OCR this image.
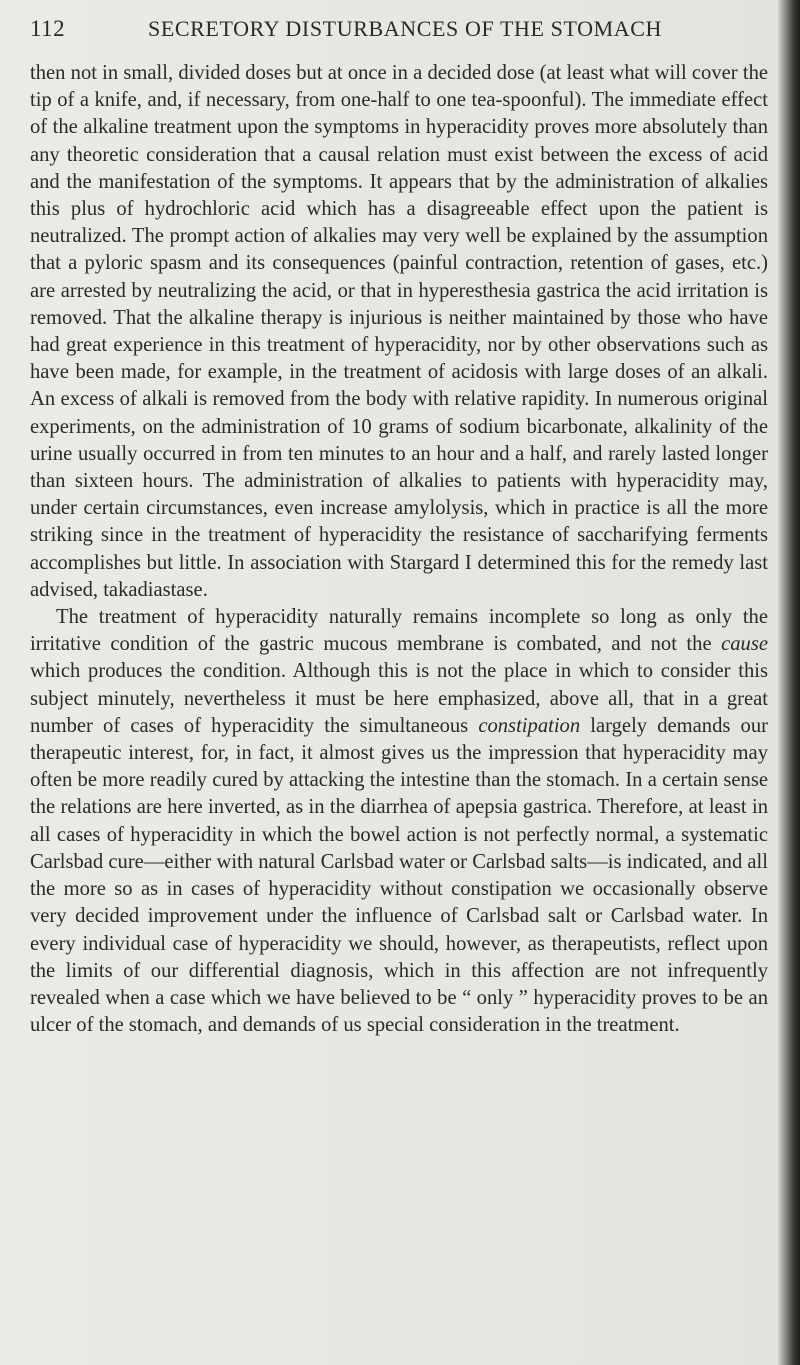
112	SECRETORY DISTURBANCES OF THE STOMACH

then not in small, divided doses but at once in a decided dose (at least what will cover the tip of a knife, and, if necessary, from one-half to one tea-spoonful). The immediate effect of the alkaline treatment upon the symptoms in hyperacidity proves more absolutely than any theoretic consideration that a causal relation must exist between the excess of acid and the manifestation of the symptoms. It appears that by the administration of alkalies this plus of hydrochloric acid which has a disagreeable effect upon the patient is neutralized. The prompt action of alkalies may very well be explained by the assumption that a pyloric spasm and its consequences (painful contraction, retention of gases, etc.) are arrested by neutralizing the acid, or that in hyperesthesia gastrica the acid irritation is removed. That the alkaline therapy is injurious is neither maintained by those who have had great experience in this treatment of hyperacidity, nor by other observations such as have been made, for example, in the treatment of acidosis with large doses of an alkali. An excess of alkali is removed from the body with relative rapidity. In numerous original experiments, on the administration of 10 grams of sodium bicarbonate, alkalinity of the urine usually occurred in from ten minutes to an hour and a half, and rarely lasted longer than sixteen hours. The administration of alkalies to patients with hyperacidity may, under certain circumstances, even increase amylolysis, which in practice is all the more striking since in the treatment of hyperacidity the resistance of saccharifying ferments accomplishes but little. In association with Stargard I determined this for the remedy last advised, takadiastase.

The treatment of hyperacidity naturally remains incomplete so long as only the irritative condition of the gastric mucous membrane is combated, and not the cause which produces the condition. Although this is not the place in which to consider this subject minutely, nevertheless it must be here emphasized, above all, that in a great number of cases of hyperacidity the simultaneous constipation largely demands our therapeutic interest, for, in fact, it almost gives us the impression that hyperacidity may often be more readily cured by attacking the intestine than the stomach. In a certain sense the relations are here inverted, as in the diarrhea of apepsia gastrica. Therefore, at least in all cases of hyperacidity in which the bowel action is not perfectly normal, a systematic Carlsbad cure—either with natural Carlsbad water or Carlsbad salts—is indicated, and all the more so as in cases of hyperacidity without constipation we occasionally observe very decided improvement under the influence of Carlsbad salt or Carlsbad water. In every individual case of hyperacidity we should, however, as therapeutists, reflect upon the limits of our differential diagnosis, which in this affection are not infrequently revealed when a case which we have believed to be “ only ” hyperacidity proves to be an ulcer of the stomach, and demands of us special consideration in the treatment.
